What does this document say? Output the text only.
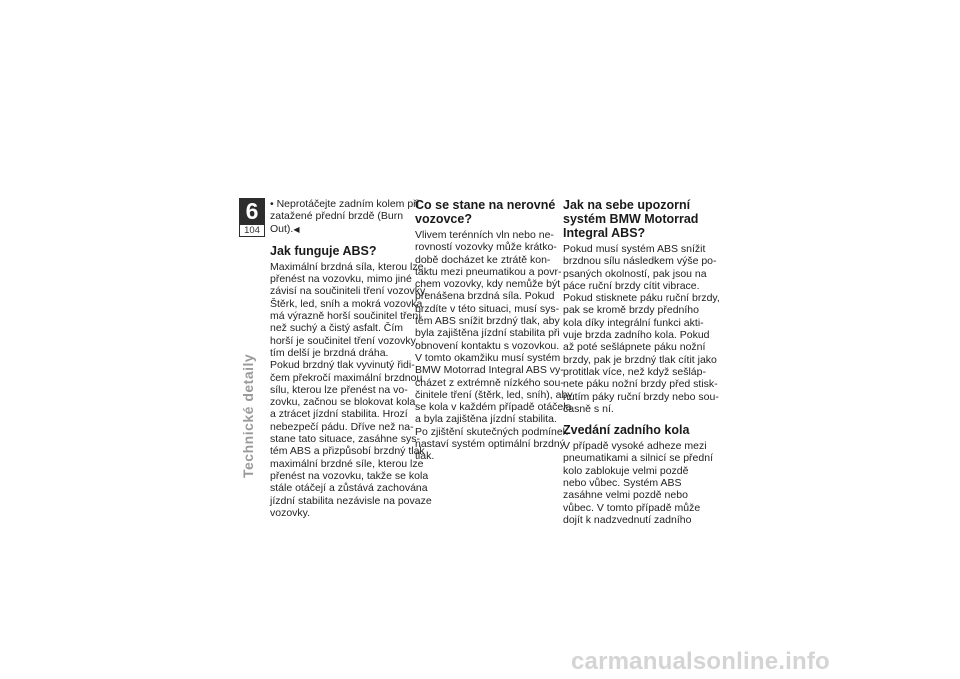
6
104
Technické detaily
• Neprotáčejte zadním kolem při
zatažené přední brzdě (Burn
Out).◀
Jak funguje ABS?
Maximální brzdná síla, kterou lze
přenést na vozovku, mimo jiné
závisí na součiniteli tření vozovky.
Štěrk, led, sníh a mokrá vozovka
má výrazně horší součinitel tření
než suchý a čistý asfalt. Čím
horší je součinitel tření vozovky,
tím delší je brzdná dráha.
Pokud brzdný tlak vyvinutý řidi-
čem překročí maximální brzdnou
sílu, kterou lze přenést na vo-
zovku, začnou se blokovat kola
a ztrácet jízdní stabilita. Hrozí
nebezpečí pádu. Dříve než na-
stane tato situace, zasáhne sys-
tém ABS a přizpůsobí brzdný tlak
maximální brzdné síle, kterou lze
přenést na vozovku, takže se kola
stále otáčejí a zůstává zachována
jízdní stabilita nezávisle na povaze
vozovky.
Co se stane na nerovné
vozovce?
Vlivem terénních vln nebo ne-
rovností vozovky může krátko-
době docházet ke ztrátě kon-
taktu mezi pneumatikou a povr-
chem vozovky, kdy nemůže být
přenášena brzdná síla. Pokud
brzdíte v této situaci, musí sys-
tém ABS snížit brzdný tlak, aby
byla zajištěna jízdní stabilita při
obnovení kontaktu s vozovkou.
V tomto okamžiku musí systém
BMW Motorrad Integral ABS vy-
cházet z extrémně nízkého sou-
činitele tření (štěrk, led, sníh), aby
se kola v každém případě otáčela
a byla zajištěna jízdní stabilita.
Po zjištění skutečných podmínek
nastaví systém optimální brzdný
tlak.
Jak na sebe upozorní
systém BMW Motorrad
Integral ABS?
Pokud musí systém ABS snížit
brzdnou sílu následkem výše po-
psaných okolností, pak jsou na
páce ruční brzdy cítit vibrace.
Pokud stisknete páku ruční brzdy,
pak se kromě brzdy předního
kola díky integrální funkci akti-
vuje brzda zadního kola. Pokud
až poté sešlápnete páku nožní
brzdy, pak je brzdný tlak cítit jako
protitlak více, než když sešláp-
nete páku nožní brzdy před stisk-
nutím páky ruční brzdy nebo sou-
časně s ní.
Zvedání zadního kola
V případě vysoké adheze mezi
pneumatikami a silnicí se přední
kolo zablokuje velmi pozdě
nebo vůbec. Systém ABS
zasáhne velmi pozdě nebo
vůbec. V tomto případě může
dojít k nadzvednutí zadního
carmanualsonline.info
